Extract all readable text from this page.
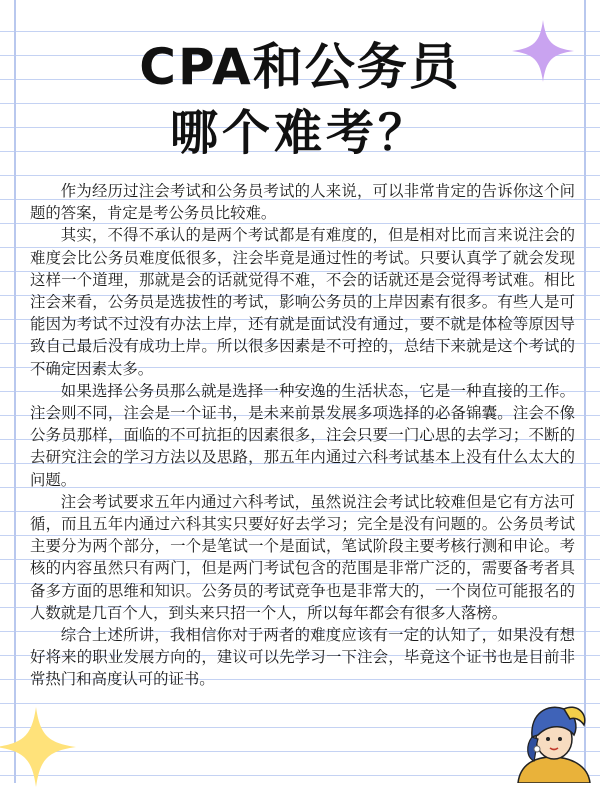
CPA和公务员
哪个难考？

作为经历过注会考试和公务员考试的人来说，可以非常肯定的告诉你这个问题的答案，肯定是考公务员比较难。

其实，不得不承认的是两个考试都是有难度的，但是相对比而言来说注会的难度会比公务员难度低很多，注会毕竟是通过性的考试。只要认真学了就会发现这样一个道理，那就是会的话就觉得不难，不会的话就还是会觉得考试难。相比注会来看，公务员是选拔性的考试，影响公务员的上岸因素有很多。有些人是可能因为考试不过没有办法上岸，还有就是面试没有通过，要不就是体检等原因导致自己最后没有成功上岸。所以很多因素是不可控的，总结下来就是这个考试的不确定因素太多。

如果选择公务员那么就是选择一种安逸的生活状态，它是一种直接的工作。注会则不同，注会是一个证书，是未来前景发展多项选择的必备锦囊。注会不像公务员那样，面临的不可抗拒的因素很多，注会只要一门心思的去学习；不断的去研究注会的学习方法以及思路，那五年内通过六科考试基本上没有什么太大的问题。

注会考试要求五年内通过六科考试，虽然说注会考试比较难但是它有方法可循，而且五年内通过六科其实只要好好去学习；完全是没有问题的。公务员考试主要分为两个部分，一个是笔试一个是面试，笔试阶段主要考核行测和申论。考核的内容虽然只有两门，但是两门考试包含的范围是非常广泛的，需要备考者具备多方面的思维和知识。公务员的考试竞争也是非常大的，一个岗位可能报名的人数就是几百个人，到头来只招一个人，所以每年都会有很多人落榜。

综合上述所讲，我相信你对于两者的难度应该有一定的认知了，如果没有想好将来的职业发展方向的，建议可以先学习一下注会，毕竟这个证书也是目前非常热门和高度认可的证书。
